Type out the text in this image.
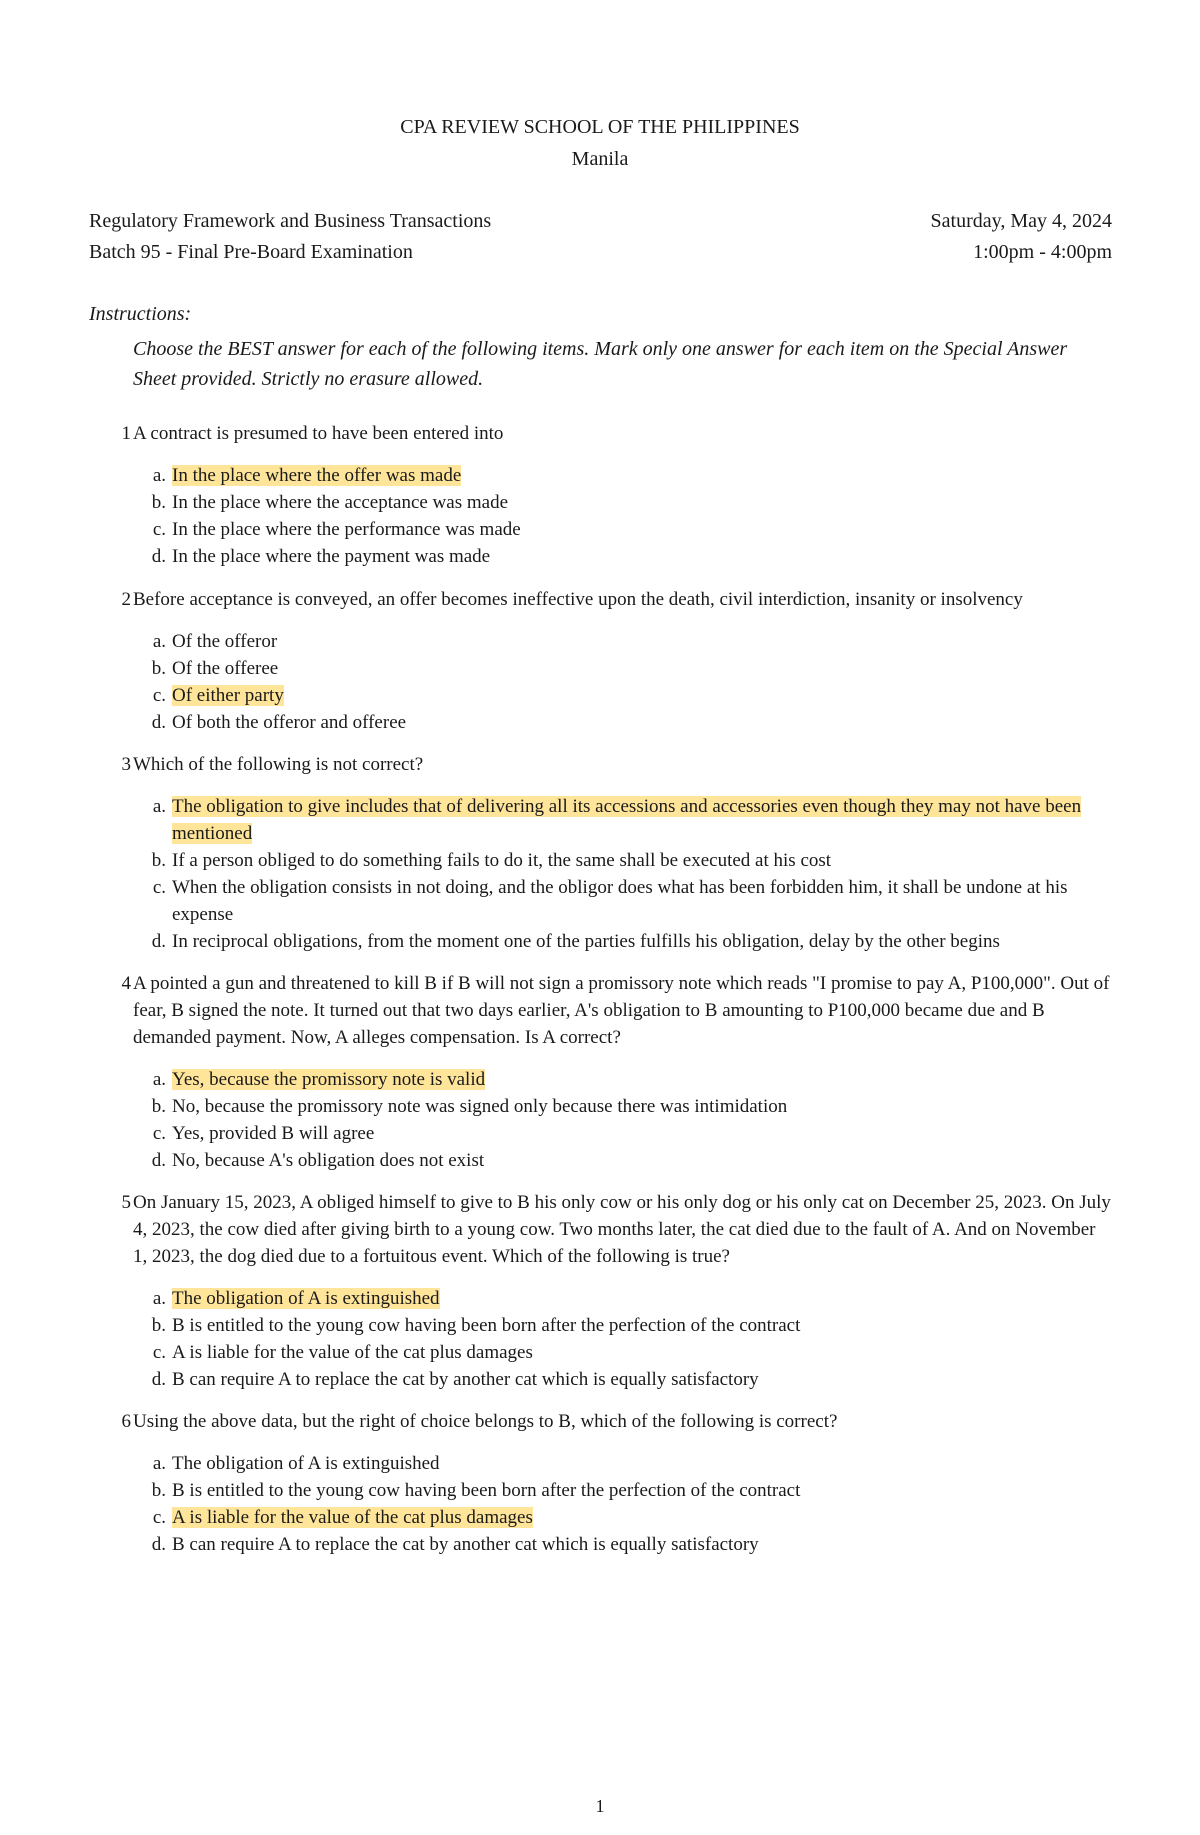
CPA REVIEW SCHOOL OF THE PHILIPPINES
Manila
Regulatory Framework and Business Transactions	Saturday, May 4, 2024
Batch 95 - Final Pre-Board Examination	1:00pm - 4:00pm
Instructions:
Choose the BEST answer for each of the following items. Mark only one answer for each item on the Special Answer Sheet provided. Strictly no erasure allowed.
1 A contract is presumed to have been entered into
a. In the place where the offer was made
b. In the place where the acceptance was made
c. In the place where the performance was made
d. In the place where the payment was made
2 Before acceptance is conveyed, an offer becomes ineffective upon the death, civil interdiction, insanity or insolvency
a. Of the offeror
b. Of the offeree
c. Of either party
d. Of both the offeror and offeree
3 Which of the following is not correct?
a. The obligation to give includes that of delivering all its accessions and accessories even though they may not have been mentioned
b. If a person obliged to do something fails to do it, the same shall be executed at his cost
c. When the obligation consists in not doing, and the obligor does what has been forbidden him, it shall be undone at his expense
d. In reciprocal obligations, from the moment one of the parties fulfills his obligation, delay by the other begins
4 A pointed a gun and threatened to kill B if B will not sign a promissory note which reads "I promise to pay A, P100,000". Out of fear, B signed the note. It turned out that two days earlier, A's obligation to B amounting to P100,000 became due and B demanded payment. Now, A alleges compensation. Is A correct?
a. Yes, because the promissory note is valid
b. No, because the promissory note was signed only because there was intimidation
c. Yes, provided B will agree
d. No, because A's obligation does not exist
5 On January 15, 2023, A obliged himself to give to B his only cow or his only dog or his only cat on December 25, 2023. On July 4, 2023, the cow died after giving birth to a young cow. Two months later, the cat died due to the fault of A. And on November 1, 2023, the dog died due to a fortuitous event. Which of the following is true?
a. The obligation of A is extinguished
b. B is entitled to the young cow having been born after the perfection of the contract
c. A is liable for the value of the cat plus damages
d. B can require A to replace the cat by another cat which is equally satisfactory
6 Using the above data, but the right of choice belongs to B, which of the following is correct?
a. The obligation of A is extinguished
b. B is entitled to the young cow having been born after the perfection of the contract
c. A is liable for the value of the cat plus damages
d. B can require A to replace the cat by another cat which is equally satisfactory
1
